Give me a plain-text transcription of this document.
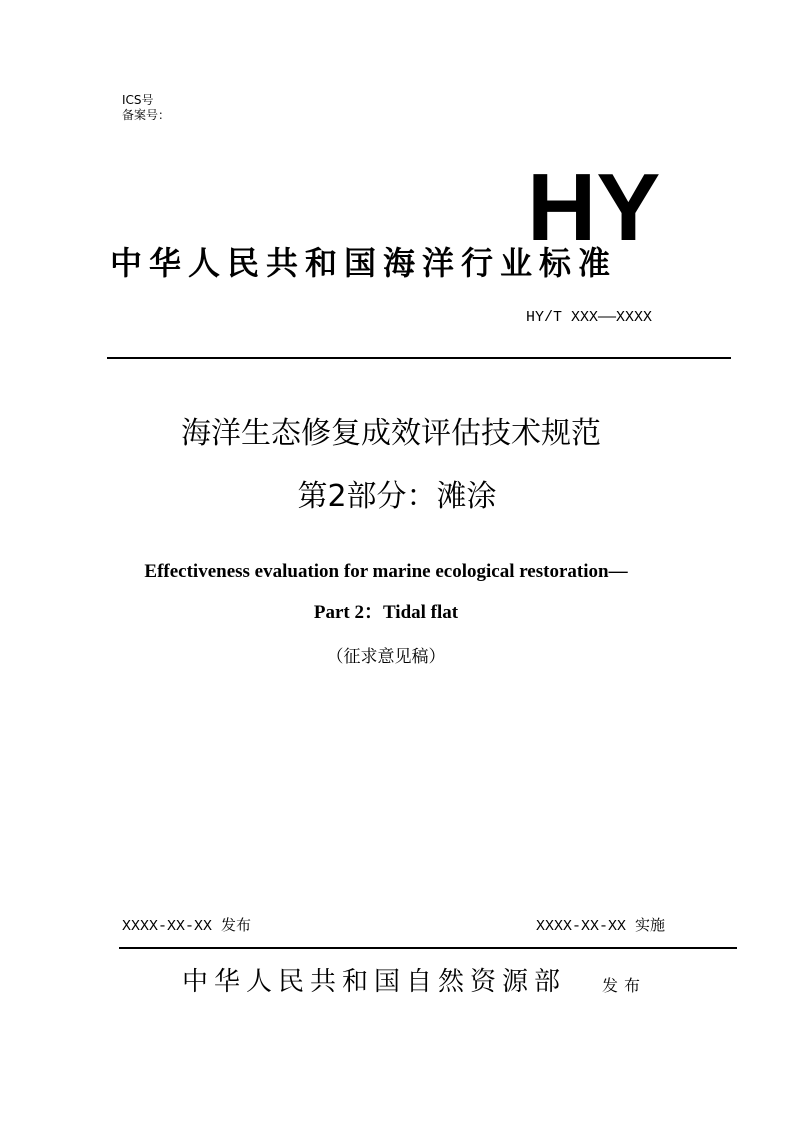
ICS号
备案号：
HY
中华人民共和国海洋行业标准
HY/T XXX——XXXX
海洋生态修复成效评估技术规范
第2部分：滩涂
Effectiveness evaluation for marine ecological restoration—
Part 2：Tidal flat
（征求意见稿）
XXXX-XX-XX 发布	XXXX-XX-XX 实施
中华人民共和国自然资源部 发布
